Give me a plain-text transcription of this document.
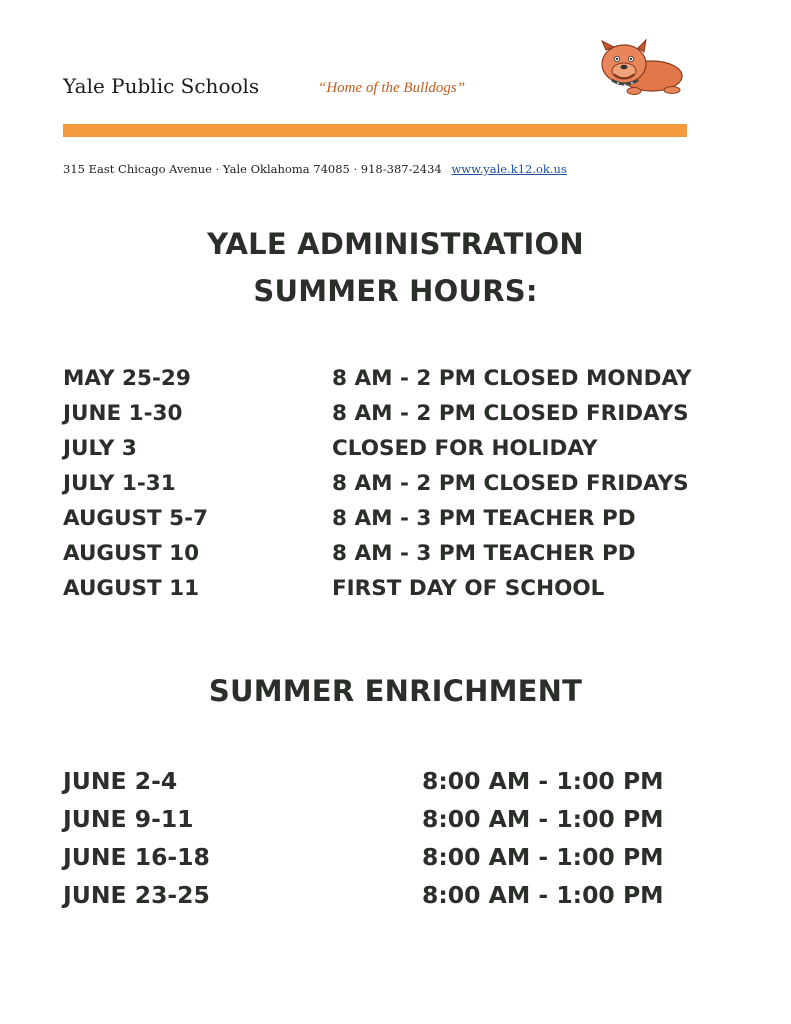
Yale Public Schools	“Home of the Bulldogs”
315 East Chicago Avenue · Yale Oklahoma 74085 · 918-387-2434 www.yale.k12.ok.us
YALE ADMINISTRATION
SUMMER HOURS:
MAY 25-29	8 AM - 2 PM CLOSED MONDAY
JUNE 1-30	8 AM - 2 PM CLOSED FRIDAYS
JULY 3	CLOSED FOR HOLIDAY
JULY 1-31	8 AM - 2 PM CLOSED FRIDAYS
AUGUST 5-7	8 AM - 3 PM TEACHER PD
AUGUST 10	8 AM - 3 PM TEACHER PD
AUGUST 11	FIRST DAY OF SCHOOL
SUMMER ENRICHMENT
JUNE 2-4	8:00 AM - 1:00 PM
JUNE 9-11	8:00 AM - 1:00 PM
JUNE 16-18	8:00 AM - 1:00 PM
JUNE 23-25	8:00 AM - 1:00 PM
